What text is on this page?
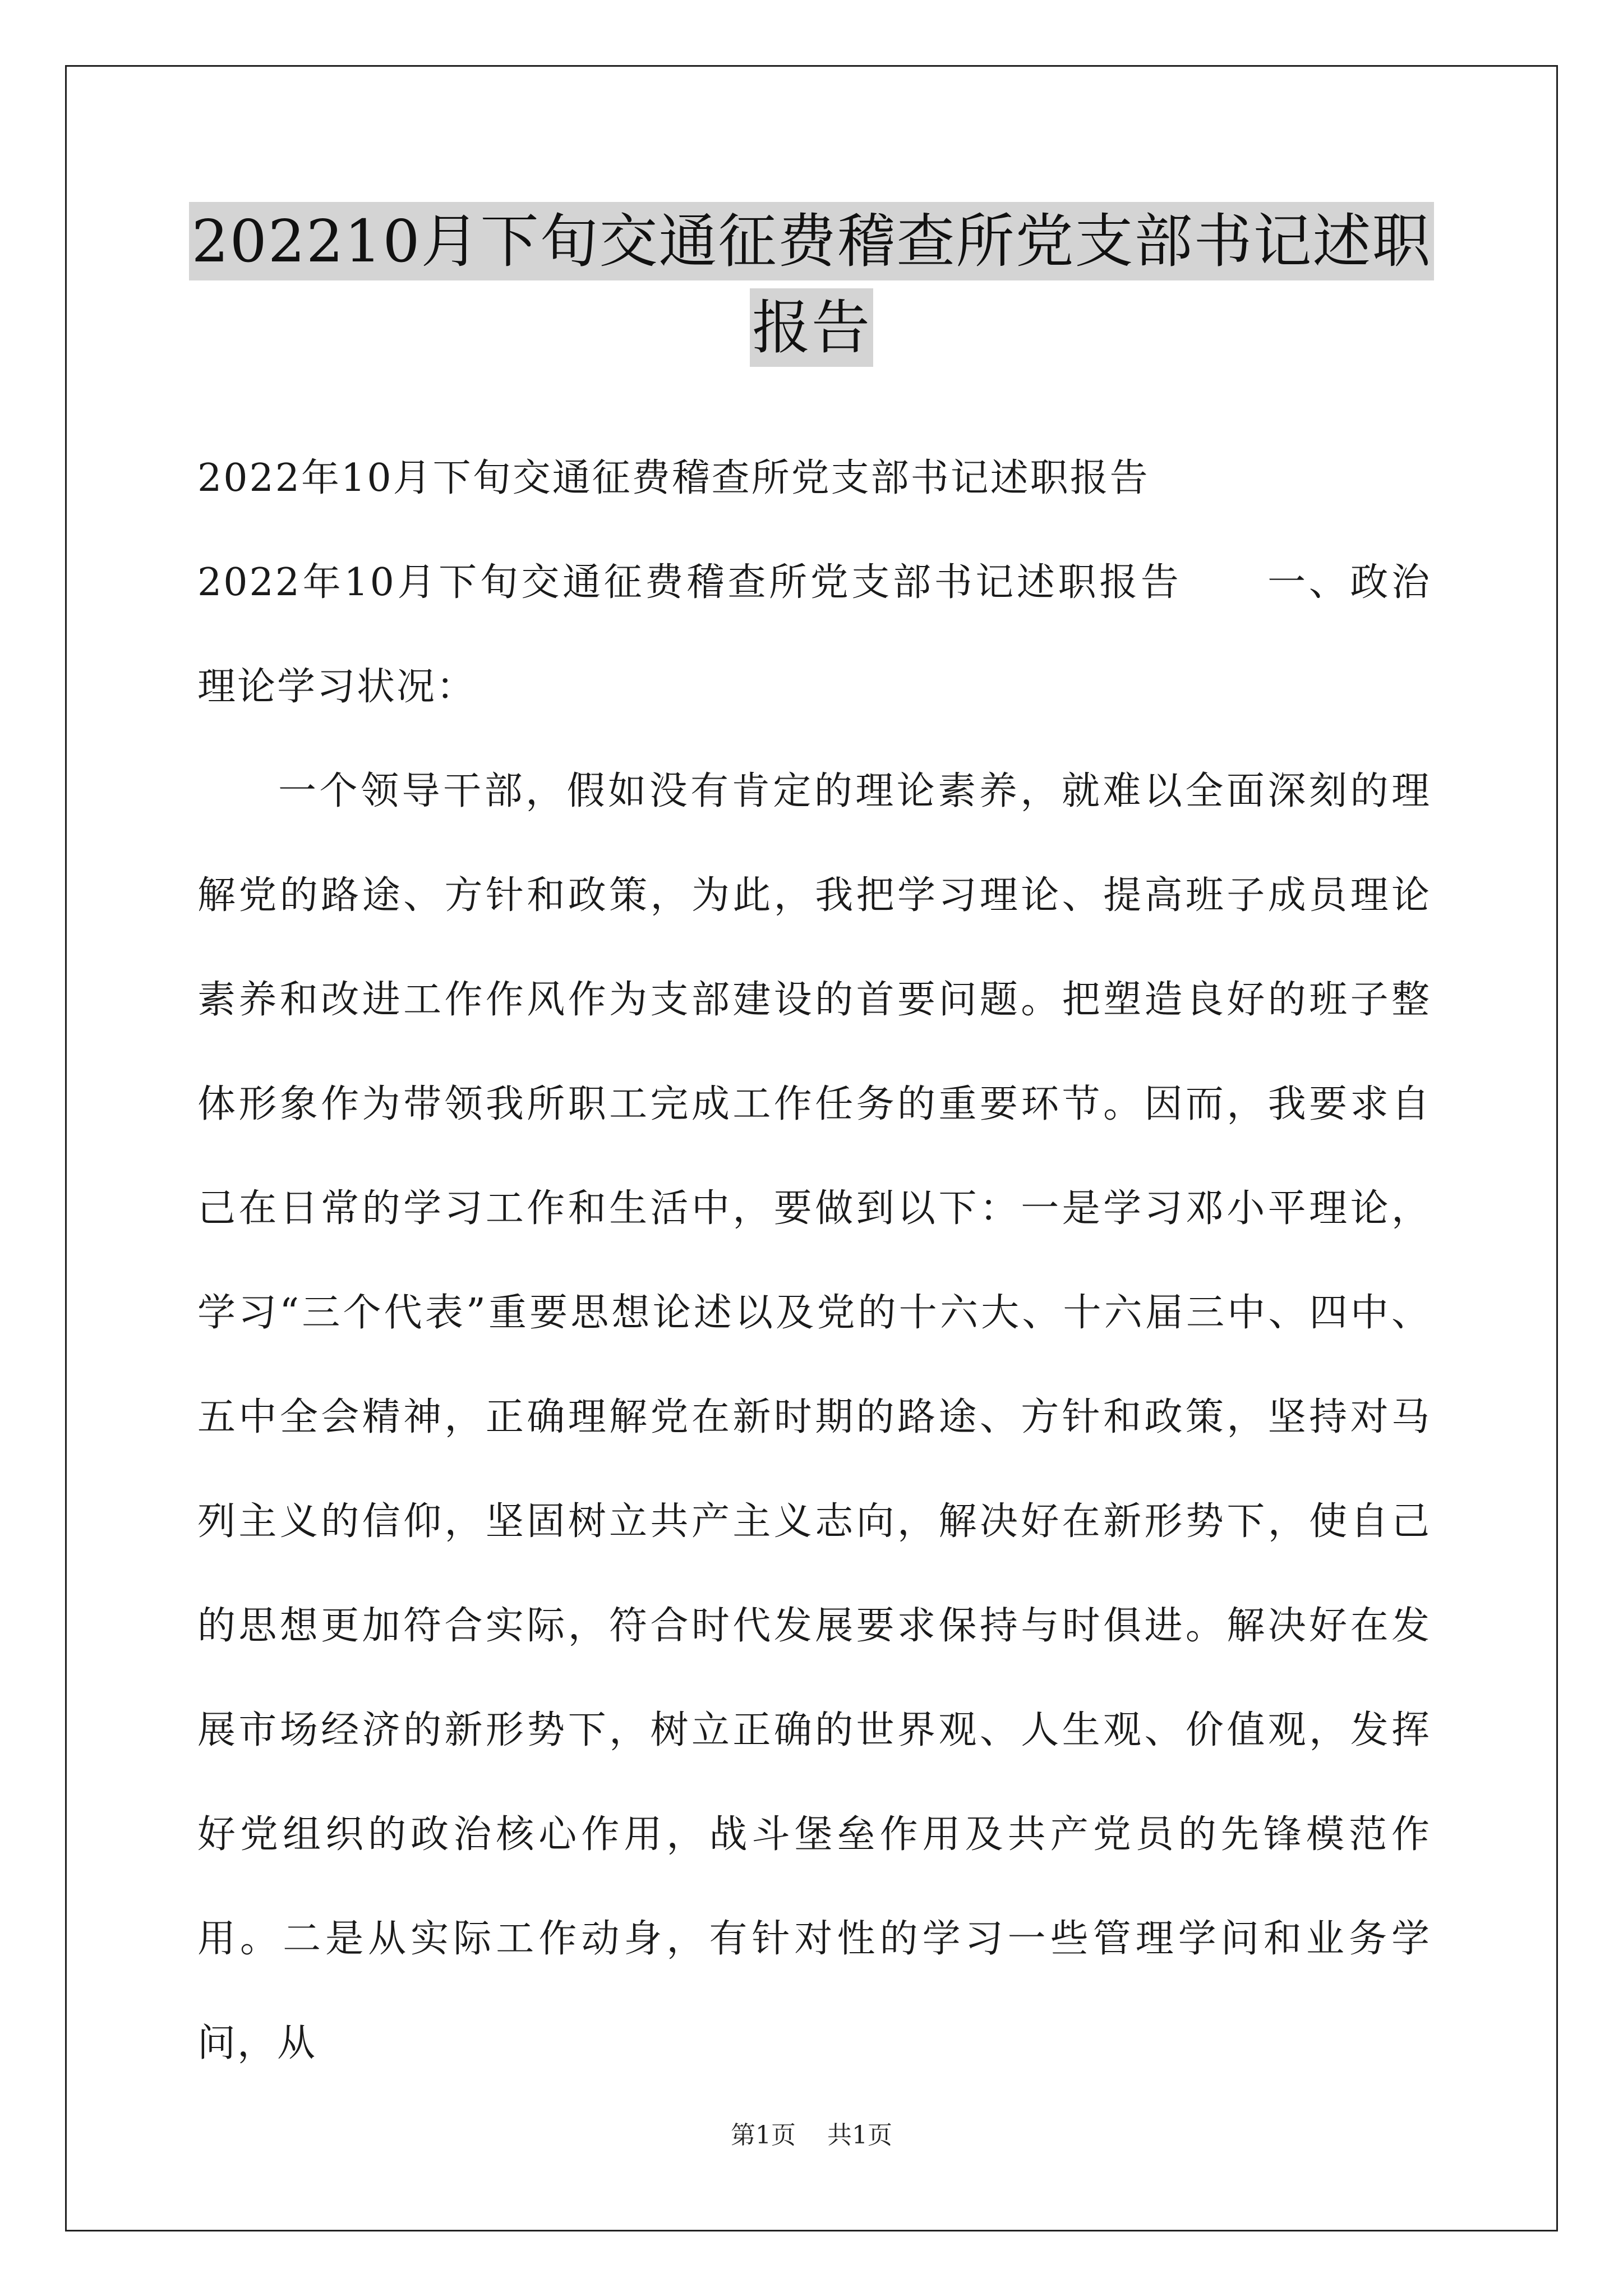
202210月下旬交通征费稽查所党支部书记述职
报告
2022年10月下旬交通征费稽查所党支部书记述职报告
2022年10月下旬交通征费稽查所党支部书记述职报告 一、政治理论学习状况：
一个领导干部，假如没有肯定的理论素养，就难以全面深刻的理解党的路途、方针和政策，为此，我把学习理论、提高班子成员理论素养和改进工作作风作为支部建设的首要问题。把塑造良好的班子整体形象作为带领我所职工完成工作任务的重要环节。因而，我要求自己在日常的学习工作和生活中，要做到以下：一是学习邓小平理论，学习“三个代表”重要思想论述以及党的十六大、十六届三中、四中、五中全会精神，正确理解党在新时期的路途、方针和政策，坚持对马列主义的信仰，坚固树立共产主义志向，解决好在新形势下，使自己的思想更加符合实际，符合时代发展要求保持与时俱进。解决好在发展市场经济的新形势下，树立正确的世界观、人生观、价值观，发挥好党组织的政治核心作用，战斗堡垒作用及共产党员的先锋模范作用。二是从实际工作动身，有针对性的学习一些管理学问和业务学问，从
第1页    共1页
